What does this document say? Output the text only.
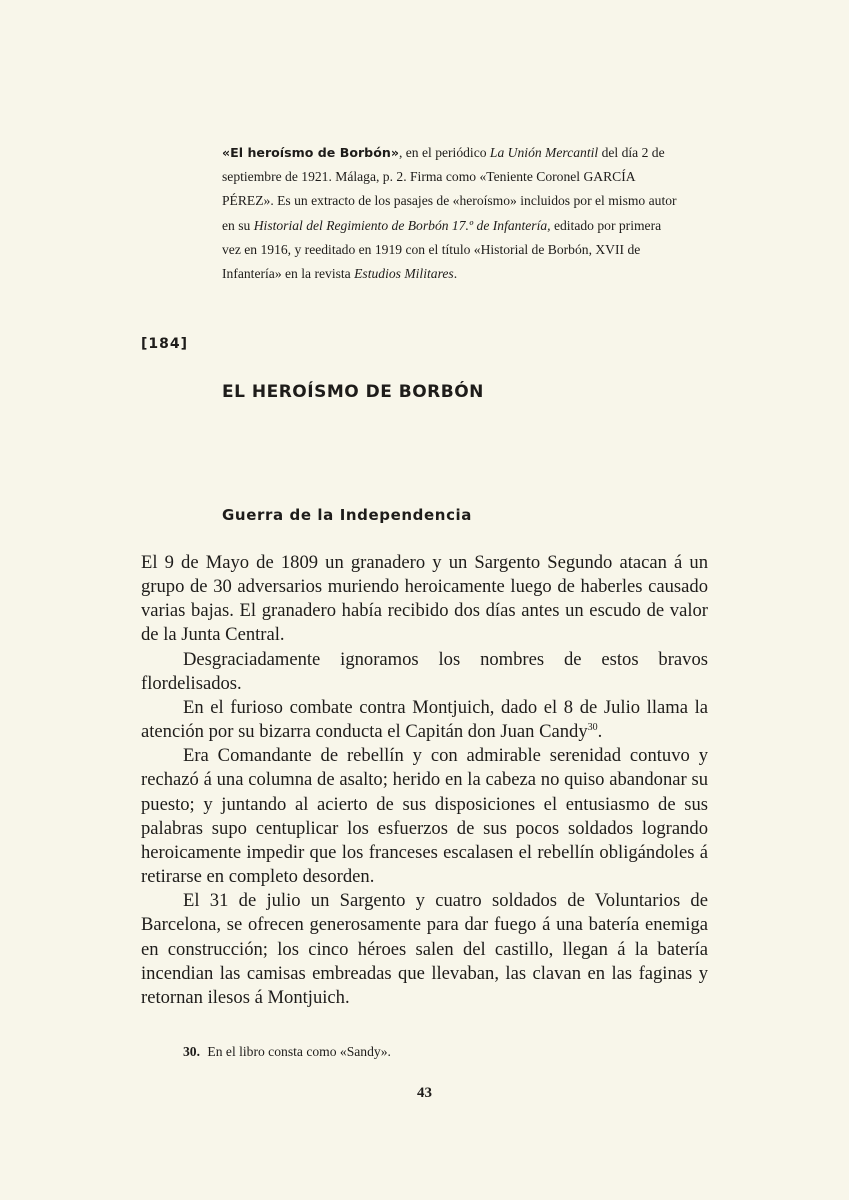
«El heroísmo de Borbón», en el periódico La Unión Mercantil del día 2 de septiembre de 1921. Málaga, p. 2. Firma como «Teniente Coronel GARCÍA PÉREZ». Es un extracto de los pasajes de «heroísmo» incluidos por el mismo autor en su Historial del Regimiento de Borbón 17.º de Infantería, editado por primera vez en 1916, y reeditado en 1919 con el título «Historial de Borbón, XVII de Infantería» en la revista Estudios Militares.
[184]
EL HEROÍSMO DE BORBÓN
Guerra de la Independencia

El 9 de Mayo de 1809 un granadero y un Sargento Segundo atacan á un grupo de 30 adversarios muriendo heroicamente luego de haberles causado varias bajas. El granadero había recibido dos días antes un escudo de valor de la Junta Central.

Desgraciadamente ignoramos los nombres de estos bravos flordelisados.

En el furioso combate contra Montjuich, dado el 8 de Julio llama la atención por su bizarra conducta el Capitán don Juan Candy$^{30}$.

Era Comandante de rebellín y con admirable serenidad contuvo y rechazó á una columna de asalto; herido en la cabeza no quiso abandonar su puesto; y juntando al acierto de sus disposiciones el entusiasmo de sus palabras supo centuplicar los esfuerzos de sus pocos soldados logrando heroicamente impedir que los franceses escalasen el rebellín obligándoles á retirarse en completo desorden.

El 31 de julio un Sargento y cuatro soldados de Voluntarios de Barcelona, se ofrecen generosamente para dar fuego á una batería enemiga en construcción; los cinco héroes salen del castillo, llegan á la batería incendian las camisas embreadas que llevaban, las clavan en las faginas y retornan ilesos á Montjuich.

30. En el libro consta como «Sandy».
43
